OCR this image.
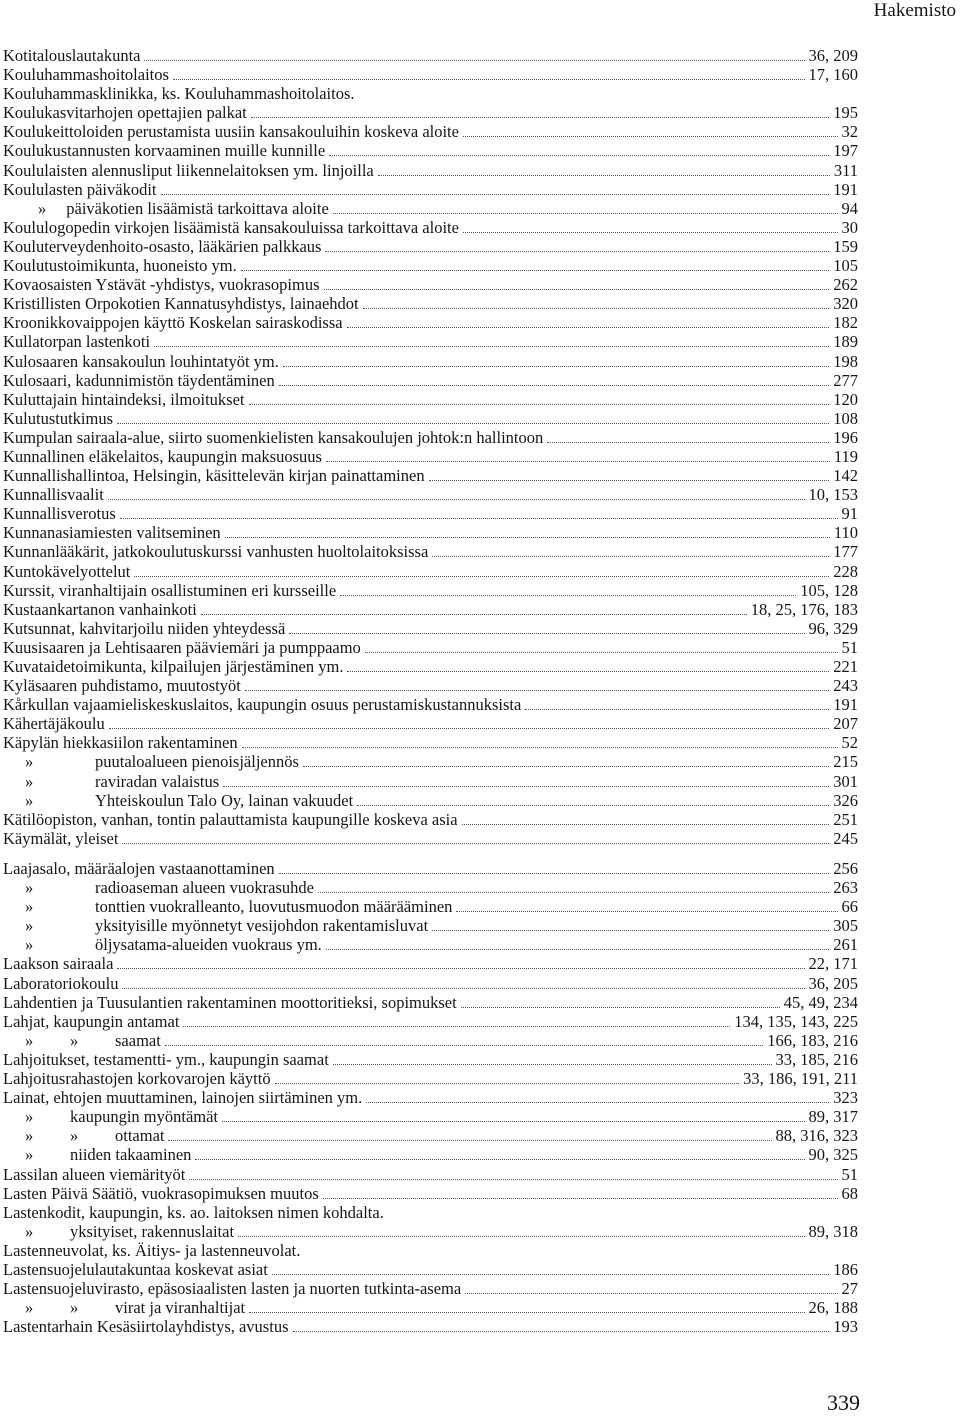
Hakemisto
Kotitalouslautakunta	36, 209
Kouluhammashoitolaitos	17, 160
Kouluhammasklinikka, ks. Kouluhammashoitolaitos.
Koulukasvitarhojen opettajien palkat	195
Koulukeittoloiden perustamista uusiin kansakouluihin koskeva aloite	32
Koulukustannusten korvaaminen muille kunnille	197
Koululaisten alennusliput liikennelaitoksen ym. linjoilla	311
Koululasten päiväkodit	191
» päiväkotien lisäämistä tarkoittava aloite	94
Koululogopedin virkojen lisäämistä kansakouluissa tarkoittava aloite	30
Kouluterveydenhoito-osasto, lääkärien palkkaus	159
Koulutustoimikunta, huoneisto ym.	105
Kovaosaisten Ystävät -yhdistys, vuokrasopimus	262
Kristillisten Orpokotien Kannatusyhdistys, lainaehdot	320
Kroonikkovaippojen käyttö Koskelan sairaskodissa	182
Kullatorpan lastenkoti	189
Kulosaaren kansakoulun louhintatyöt ym.	198
Kulosaari, kadunnimistön täydentäminen	277
Kuluttajain hintaindeksi, ilmoitukset	120
Kulutustutkimus	108
Kumpulan sairaala-alue, siirto suomenkielisten kansakoulujen johtok:n hallintoon	196
Kunnallinen eläkelaitos, kaupungin maksuosuus	119
Kunnallishallintoa, Helsingin, käsittelevän kirjan painattaminen	142
Kunnallisvaalit	10, 153
Kunnallisverotus	91
Kunnanasiamiesten valitseminen	110
Kunnanlääkärit, jatkokoulutuskurssi vanhusten huoltolaitoksissa	177
Kuntokävelyottelut	228
Kurssit, viranhaltijain osallistuminen eri kursseille	105, 128
Kustaankartanon vanhainkoti	18, 25, 176, 183
Kutsunnat, kahvitarjoilu niiden yhteydessä	96, 329
Kuusisaaren ja Lehtisaaren pääviemäri ja pumppaamo	51
Kuvataidetoimikunta, kilpailujen järjestäminen ym.	221
Kyläsaaren puhdistamo, muutostyöt	243
Kårkullan vajaamieliskeskuslaitos, kaupungin osuus perustamiskustannuksista	191
Kähertäjäkoulu	207
Käpylän hiekkasiilon rakentaminen	52
»	puutaloalueen pienoisjäljennös	215
»	raviradan valaistus	301
»	Yhteiskoulun Talo Oy, lainan vakuudet	326
Kätilöopiston, vanhan, tontin palauttamista kaupungille koskeva asia	251
Käymälät, yleiset	245
Laajasalo, määräalojen vastaanottaminen	256
»	radioaseman alueen vuokrasuhde	263
»	tonttien vuokralleanto, luovutusmuodon määrääminen	66
»	yksityisille myönnetyt vesijohdon rakentamisluvat	305
»	öljysatama-alueiden vuokraus ym.	261
Laakson sairaala	22, 171
Laboratoriokoulu	36, 205
Lahdentien ja Tuusulantien rakentaminen moottoritieksi, sopimukset	45, 49, 234
Lahjat, kaupungin antamat	134, 135, 143, 225
»	»	saamat	166, 183, 216
Lahjoitukset, testamentti- ym., kaupungin saamat	33, 185, 216
Lahjoitusrahastojen korkovarojen käyttö	33, 186, 191, 211
Lainat, ehtojen muuttaminen, lainojen siirtäminen ym.	323
»	kaupungin myöntämät	89, 317
»	»	ottamat	88, 316, 323
»	niiden takaaminen	90, 325
Lassilan alueen viemärityöt	51
Lasten Päivä Säätiö, vuokrasopimuksen muutos	68
Lastenkodit, kaupungin, ks. ao. laitoksen nimen kohdalta.
»	yksityiset, rakennuslaitat	89, 318
Lastenneuvolat, ks. Äitiys- ja lastenneuvolat.
Lastensuojelulautakuntaa koskevat asiat	186
Lastensuojeluvirasto, epäsosiaalisten lasten ja nuorten tutkinta-asema	27
»	»	virat ja viranhaltijat	26, 188
Lastentarhain Kesäsiirtolayhdistys, avustus	193
339
